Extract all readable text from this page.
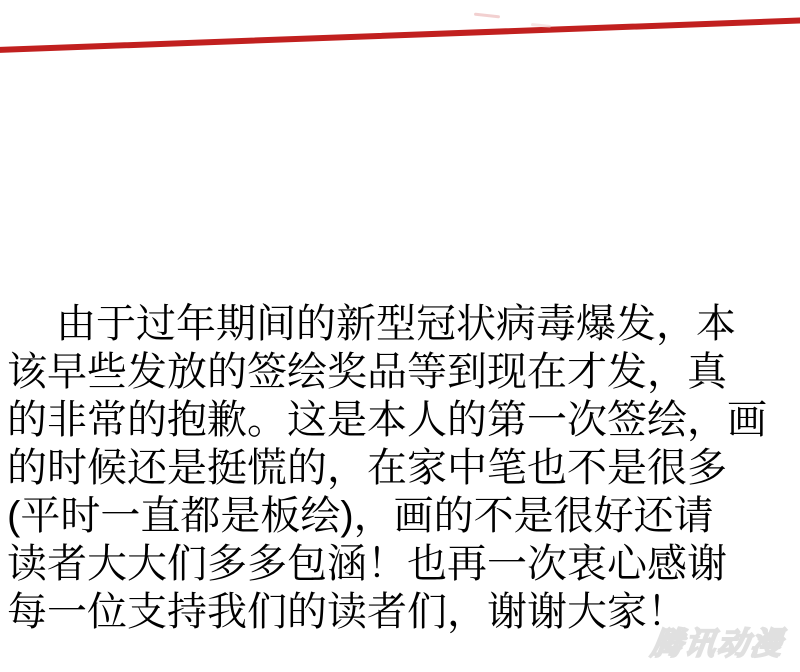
腾讯动漫
由于过年期间的新型冠状病毒爆发，本
该早些发放的签绘奖品等到现在才发，真
的非常的抱歉。这是本人的第一次签绘，画
的时候还是挺慌的，在家中笔也不是很多
(平时一直都是板绘)，画的不是很好还请
读者大大们多多包涵！也再一次衷心感谢
每一位支持我们的读者们，谢谢大家！
